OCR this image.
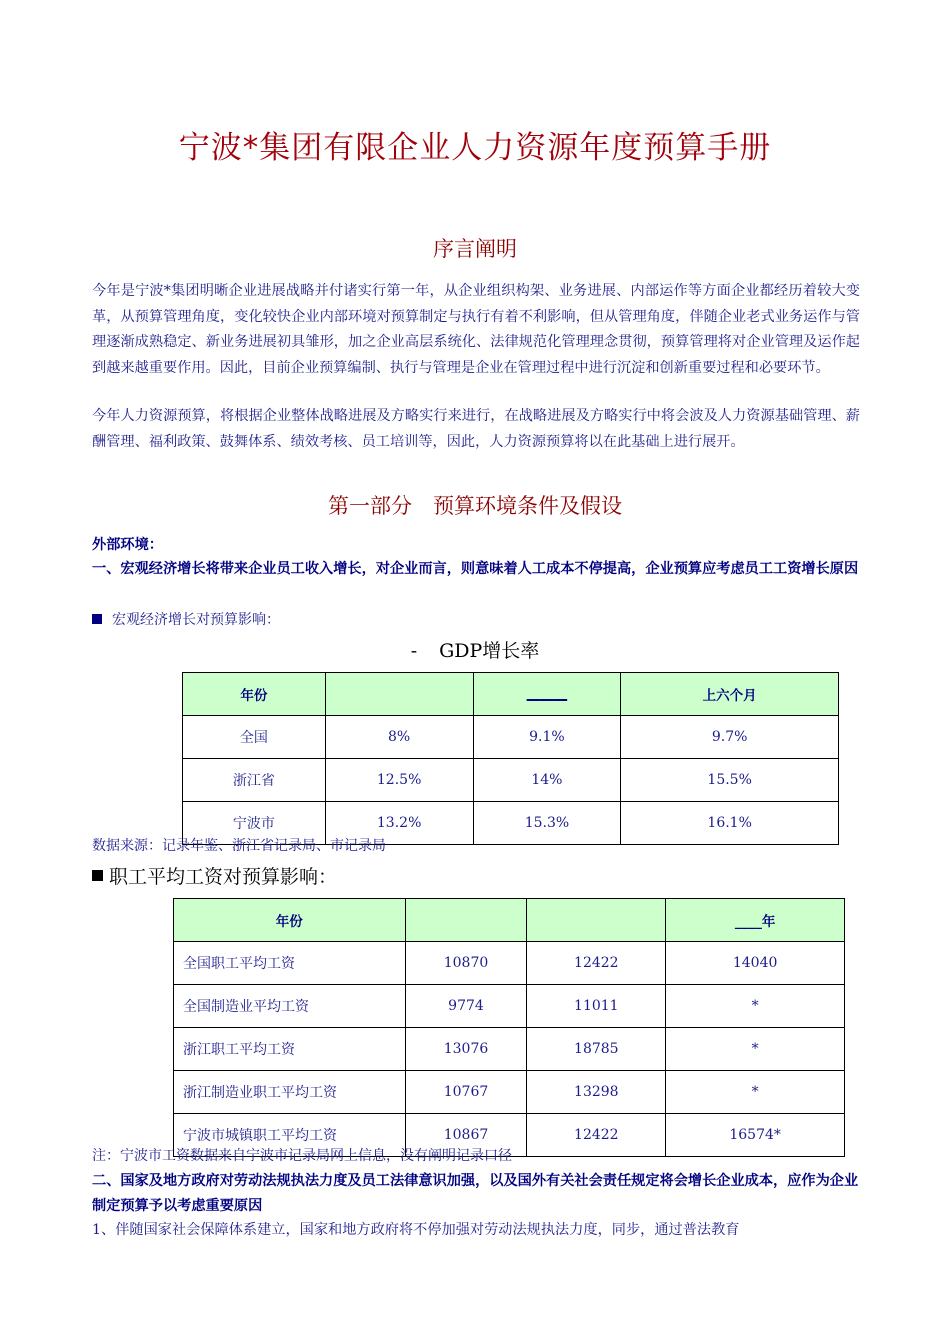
宁波*集团有限企业人力资源年度预算手册
序言阐明

今年是宁波*集团明晰企业进展战略并付诸实行第一年，从企业组织构架、业务进展、内部运作等方面企业都经历着较大变革，从预算管理角度，变化较快企业内部环境对预算制定与执行有着不利影响，但从管理角度，伴随企业老式业务运作与管理逐渐成熟稳定、新业务进展初具雏形，加之企业高层系统化、法律规范化管理理念贯彻，预算管理将对企业管理及运作起到越来越重要作用。因此，目前企业预算编制、执行与管理是企业在管理过程中进行沉淀和创新重要过程和必要环节。

今年人力资源预算，将根据企业整体战略进展及方略实行来进行，在战略进展及方略实行中将会波及人力资源基础管理、薪酬管理、福利政策、鼓舞体系、绩效考核、员工培训等，因此，人力资源预算将以在此基础上进行展开。

第一部分　预算环境条件及假设

外部环境：

一、宏观经济增长将带来企业员工收入增长，对企业而言，则意味着人工成本不停提高，企业预算应考虑员工工资增长原因

宏观经济增长对预算影响：

- GDP增长率

年份		______	上六个月
全国	8%	9.1%	9.7%
浙江省	12.5%	14%	15.5%
宁波市	13.2%	15.3%	16.1%

数据来源：记录年鉴、浙江省记录局、市记录局

职工平均工资对预算影响：

年份			____年
全国职工平均工资	10870	12422	14040
全国制造业平均工资	9774	11011	*
浙江职工平均工资	13076	18785	*
浙江制造业职工平均工资	10767	13298	*
宁波市城镇职工平均工资	10867	12422	16574*

注：宁波市工资数据来自宁波市记录局网上信息，没有阐明记录口径

二、国家及地方政府对劳动法规执法力度及员工法律意识加强，以及国外有关社会责任规定将会增长企业成本，应作为企业制定预算予以考虑重要原因

1、伴随国家社会保障体系建立，国家和地方政府将不停加强对劳动法规执法力度，同步，通过普法教育
